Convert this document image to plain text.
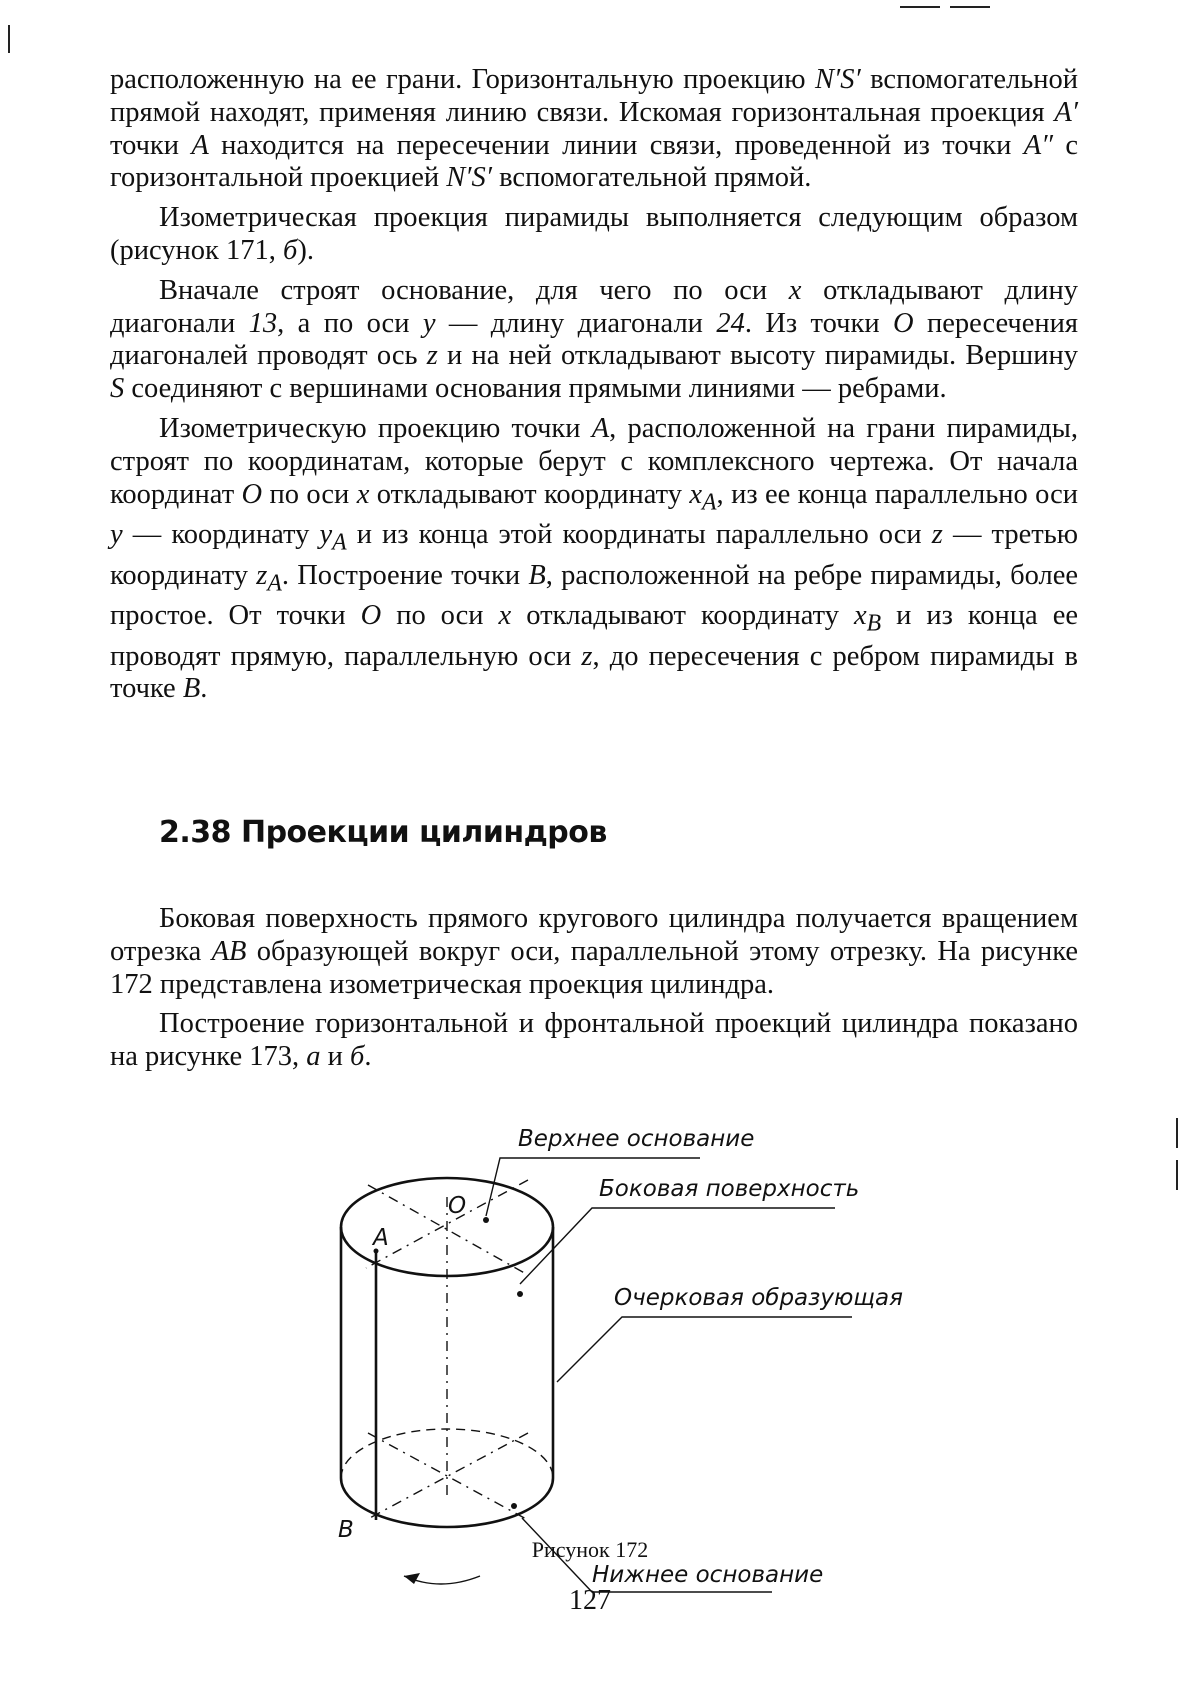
расположенную на ее грани. Горизонтальную проекцию N′S′ вспомогательной прямой находят, применяя линию связи. Искомая горизонтальная проекция A′ точки A находится на пересечении линии связи, проведенной из точки A″ с горизонтальной проекцией N′S′ вспомогательной прямой.

Изометрическая проекция пирамиды выполняется следующим образом (рисунок 171, б).

Вначале строят основание, для чего по оси x откладывают длину диагонали 13, а по оси y — длину диагонали 24. Из точки O пересечения диагоналей проводят ось z и на ней откладывают высоту пирамиды. Вершину S соединяют с вершинами основания прямыми линиями — ребрами.

Изометрическую проекцию точки A, расположенной на грани пирамиды, строят по координатам, которые берут с комплексного чертежа. От начала координат O по оси x откладывают координату $x_A$, из ее конца параллельно оси y — координату $y_A$ и из конца этой координаты параллельно оси z — третью координату $z_A$. Построение точки B, расположенной на ребре пирамиды, более простое. От точки O по оси x откладывают координату $x_B$ и из конца ее проводят прямую, параллельную оси z, до пересечения с ребром пирамиды в точке B.

2.38 Проекции цилиндров

Боковая поверхность прямого кругового цилиндра получается вращением отрезка AB образующей вокруг оси, параллельной этому отрезку. На рисунке 172 представлена изометрическая проекция цилиндра.

Построение горизонтальной и фронтальной проекций цилиндра показано на рисунке 173, а и б.

Верхнее основание
Боковая поверхность
Очерковая образующая
Нижнее основание
A
B
O
Рисунок 172
127
